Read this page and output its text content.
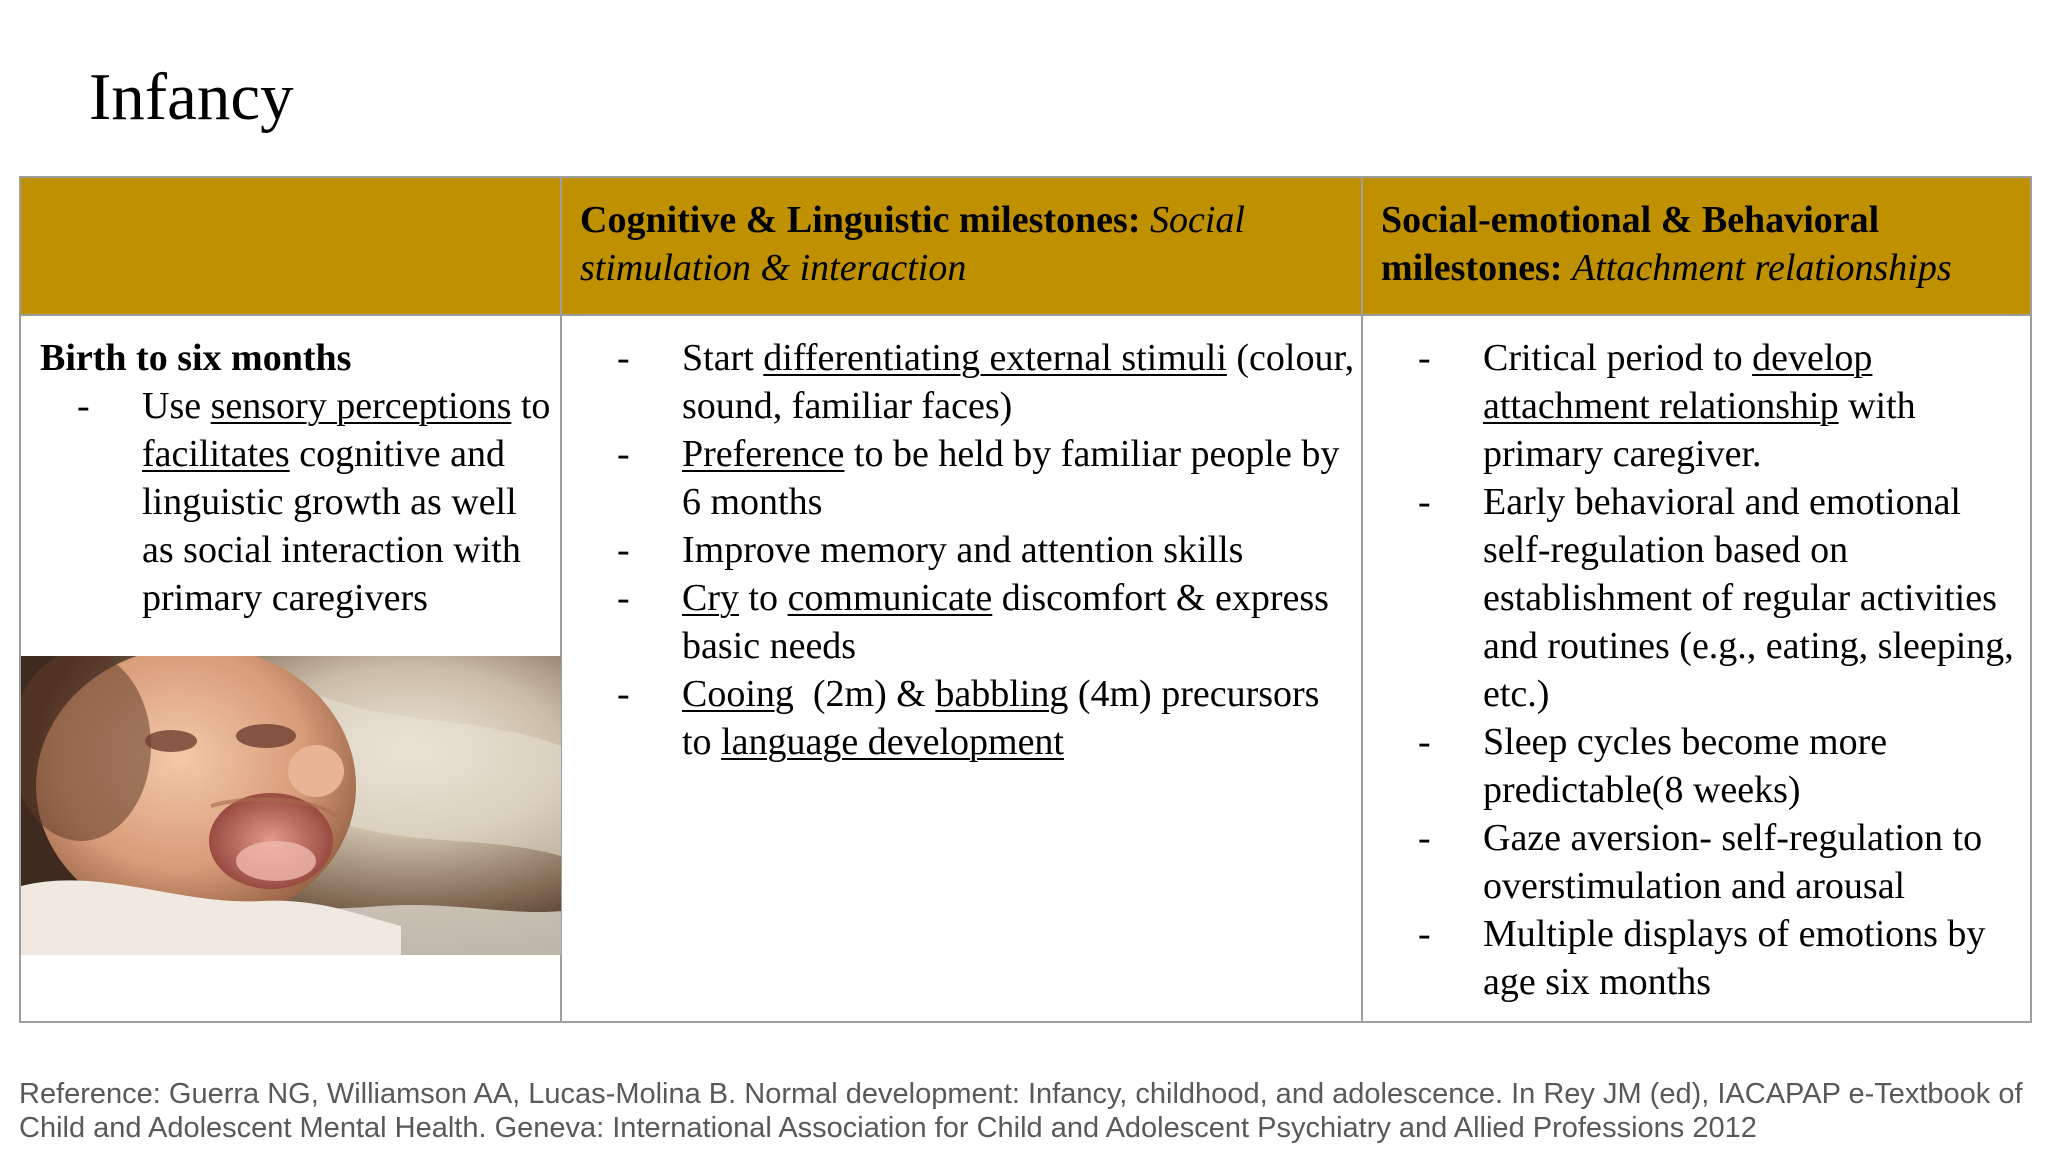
Infancy
Cognitive & Linguistic milestones: Social stimulation & interaction
Social-emotional & Behavioral milestones: Attachment relationships
Birth to six months
- Use sensory perceptions to facilitates cognitive and linguistic growth as well as social interaction with primary caregivers
- Start differentiating external stimuli (colour, sound, familiar faces)
- Preference to be held by familiar people by 6 months
- Improve memory and attention skills
- Cry to communicate discomfort & express basic needs
- Cooing  (2m) & babbling (4m) precursors to language development
- Critical period to develop attachment relationship with primary caregiver.
- Early behavioral and emotional self-regulation based on establishment of regular activities and routines (e.g., eating, sleeping, etc.)
- Sleep cycles become more predictable(8 weeks)
- Gaze aversion- self-regulation to overstimulation and arousal
- Multiple displays of emotions by age six months
Reference: Guerra NG, Williamson AA, Lucas-Molina B. Normal development: Infancy, childhood, and adolescence. In Rey JM (ed), IACAPAP e-Textbook of Child and Adolescent Mental Health. Geneva: International Association for Child and Adolescent Psychiatry and Allied Professions 2012
